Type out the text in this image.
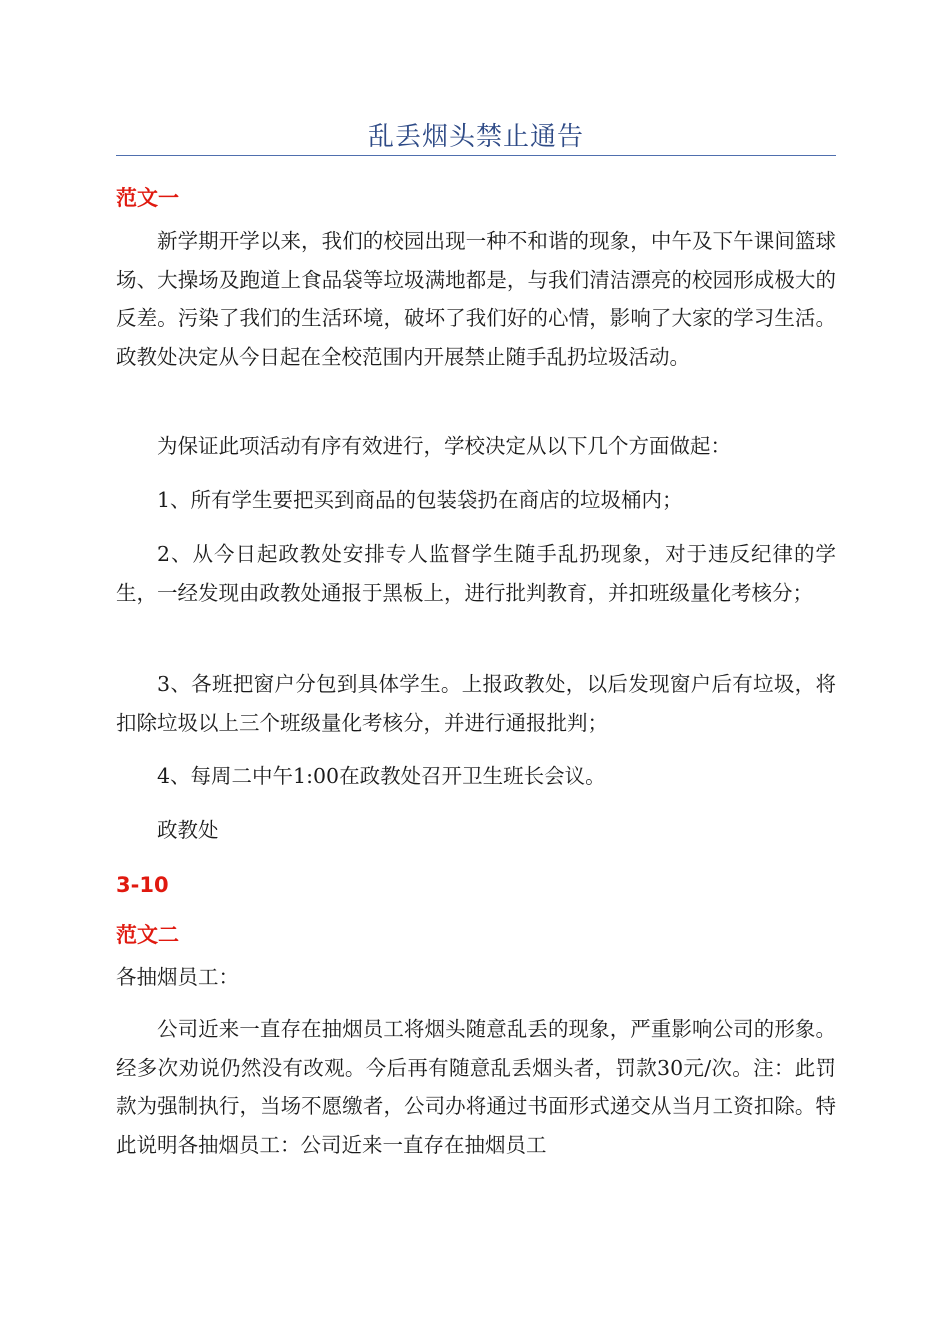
乱丢烟头禁止通告
范文一
新学期开学以来，我们的校园出现一种不和谐的现象，中午及下午课间篮球场、大操场及跑道上食品袋等垃圾满地都是，与我们清洁漂亮的校园形成极大的反差。污染了我们的生活环境，破坏了我们好的心情，影响了大家的学习生活。政教处决定从今日起在全校范围内开展禁止随手乱扔垃圾活动。
为保证此项活动有序有效进行，学校决定从以下几个方面做起：
1、所有学生要把买到商品的包装袋扔在商店的垃圾桶内；
2、从今日起政教处安排专人监督学生随手乱扔现象，对于违反纪律的学生，一经发现由政教处通报于黑板上，进行批判教育，并扣班级量化考核分；
3、各班把窗户分包到具体学生。上报政教处，以后发现窗户后有垃圾，将扣除垃圾以上三个班级量化考核分，并进行通报批判；
4、每周二中午1:00在政教处召开卫生班长会议。
政教处
3-10
范文二
各抽烟员工：
公司近来一直存在抽烟员工将烟头随意乱丢的现象，严重影响公司的形象。经多次劝说仍然没有改观。今后再有随意乱丢烟头者，罚款30元/次。注：此罚款为强制执行，当场不愿缴者，公司办将通过书面形式递交从当月工资扣除。特此说明各抽烟员工：公司近来一直存在抽烟员工
